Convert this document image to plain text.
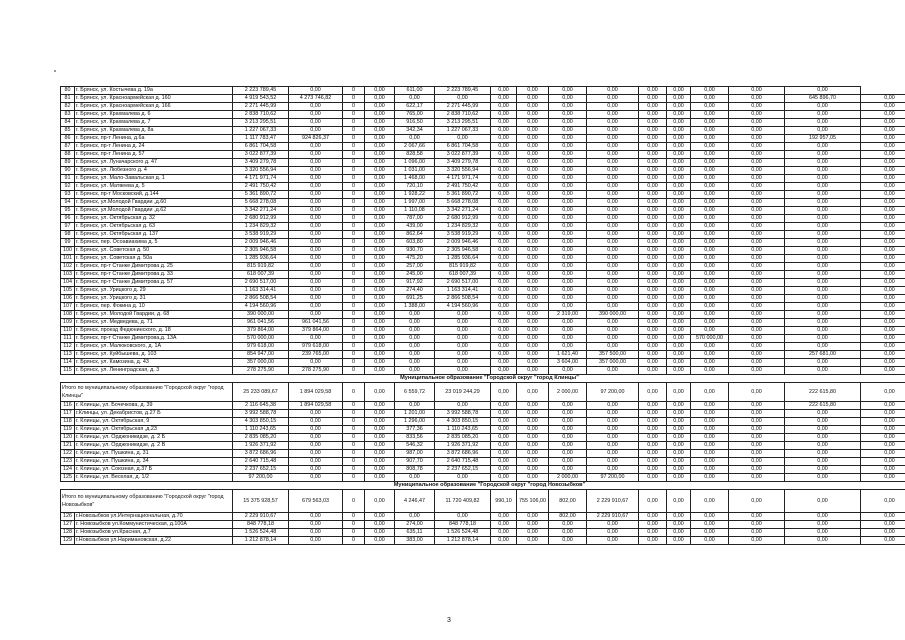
80	г. Брянск, ул. Костычева д. 19а	2 223 789,45	0,00	0	0,00	611,00	2 223 789,45	0,00	0,00	0,00	0,00	0,00	0,00	0,00	0,00	0,00	
81	г. Брянск, ул. Красноармейская д. 160	4 919 543,52	4 273 746,82	0	0,00	0,00	0,00	0,00	0,00	0,00	0,00	0,00	0,00	0,00	0,00	645 896,70	0,00
82	г. Брянск, ул. Красноармейская д. 166	2 271 445,99	0,00	0	0,00	622,17	2 271 445,99	0,00	0,00	0,00	0,00	0,00	0,00	0,00	0,00	0,00	0,00
83	г. Брянск, ул. Крахмалева д. 6	2 838 710,62	0,00	0	0,00	765,00	2 838 710,62	0,00	0,00	0,00	0,00	0,00	0,00	0,00	0,00	0,00	0,00
84	г. Брянск, ул. Крахмалева д. 7	3 213 295,51	0,00	0	0,00	916,50	3 213 295,51	0,00	0,00	0,00	0,00	0,00	0,00	0,00	0,00	0,00	0,00
85	г. Брянск, ул. Крахмалева д. 8а	1 227 067,33	0,00	0	0,00	342,34	1 227 067,33	0,00	0,00	0,00	0,00	0,00	0,00	0,00	0,00	0,00	0,00
86	г. Брянск, пр-т Ленина, д.6а	1 117 783,47	924 826,37	0	0,00	0,00	0,00	0,00	0,00	0,00	0,00	0,00	0,00	0,00	0,00	192 957,05	0,00
87	г. Брянск, пр-т Ленина д. 24	6 861 704,58	0,00	0	0,00	2 067,66	6 861 704,58	0,00	0,00	0,00	0,00	0,00	0,00	0,00	0,00	0,00	0,00
88	г. Брянск, пр-т Ленина д. 57	3 022 877,39	0,00	0	0,00	828,58	3 022 877,39	0,00	0,00	0,00	0,00	0,00	0,00	0,00	0,00	0,00	0,00
89	г. Брянск, ул. Луначарского д. 47	3 409 279,78	0,00	0	0,00	1 096,00	3 409 279,78	0,00	0,00	0,00	0,00	0,00	0,00	0,00	0,00	0,00	0,00
90	г. Брянск, ул. Любезного д. 4	3 320 556,94	0,00	0	0,00	1 031,00	3 320 556,94	0,00	0,00	0,00	0,00	0,00	0,00	0,00	0,00	0,00	0,00
91	г. Брянск, ул. Мало-Завальская д. 1	4 171 971,74	0,00	0	0,00	1 468,00	4 171 971,74	0,00	0,00	0,00	0,00	0,00	0,00	0,00	0,00	0,00	0,00
92	г. Брянск, ул. Матвеева д. 5	2 491 750,42	0,00	0	0,00	720,10	2 491 750,42	0,00	0,00	0,00	0,00	0,00	0,00	0,00	0,00	0,00	0,00
93	г. Брянск, пр-т Московский, д.144	5 361 890,72	0,00	0	0,00	1 928,22	5 361 890,72	0,00	0,00	0,00	0,00	0,00	0,00	0,00	0,00	0,00	0,00
94	г. Брянск, ул.Молодой Гвардии ,д.60	5 668 278,08	0,00	0	0,00	1 997,00	5 668 278,08	0,00	0,00	0,00	0,00	0,00	0,00	0,00	0,00	0,00	0,00
95	г. Брянск, ул.Молодой Гвардии ,д.62	3 342 271,24	0,00	0	0,00	1 110,08	3 342 271,24	0,00	0,00	0,00	0,00	0,00	0,00	0,00	0,00	0,00	0,00
96	г. Брянск, ул. Октябрьская д. 32	2 680 912,99	0,00	0	0,00	787,00	2 680 912,99	0,00	0,00	0,00	0,00	0,00	0,00	0,00	0,00	0,00	0,00
97	г. Брянск, ул. Октябрьская д. 63	1 234 829,32	0,00	0	0,00	439,00	1 234 829,32	0,00	0,00	0,00	0,00	0,00	0,00	0,00	0,00	0,00	0,00
98	г. Брянск, ул. Октябрьская д. 137	3 538 919,29	0,00	0	0,00	862,64	3 538 919,29	0,00	0,00	0,00	0,00	0,00	0,00	0,00	0,00	0,00	0,00
99	г. Брянск, пер. Осоавиахима д. 5	2 009 946,46	0,00	0	0,00	603,80	2 009 946,46	0,00	0,00	0,00	0,00	0,00	0,00	0,00	0,00	0,00	0,00
100	г. Брянск, ул. Советская д. 50	2 305 946,58	0,00	0	0,00	930,70	2 305 946,58	0,00	0,00	0,00	0,00	0,00	0,00	0,00	0,00	0,00	0,00
101	г. Брянск, ул. Советская д. 50а	1 285 936,64	0,00	0	0,00	475,20	1 285 936,64	0,00	0,00	0,00	0,00	0,00	0,00	0,00	0,00	0,00	0,00
102	г. Брянск, пр-т Станке Димитрова д. 25	815 919,82	0,00	0	0,00	257,00	815 919,82	0,00	0,00	0,00	0,00	0,00	0,00	0,00	0,00	0,00	0,00
103	г. Брянск, пр-т Станке Димитрова д. 33	618 007,39	0,00	0	0,00	245,00	618 007,39	0,00	0,00	0,00	0,00	0,00	0,00	0,00	0,00	0,00	0,00
104	г. Брянск, пр-т Станке Димитрова д. 57	2 690 517,00	0,00	0	0,00	917,92	2 690 517,00	0,00	0,00	0,00	0,00	0,00	0,00	0,00	0,00	0,00	0,00
105	г. Брянск, ул. Урицкого д. 29	1 163 314,41	0,00	0	0,00	274,40	1 163 314,41	0,00	0,00	0,00	0,00	0,00	0,00	0,00	0,00	0,00	0,00
106	г. Брянск, ул. Урицкого д. 31	2 866 508,54	0,00	0	0,00	691,25	2 866 508,54	0,00	0,00	0,00	0,00	0,00	0,00	0,00	0,00	0,00	0,00
107	г. Брянск, пер. Фокина д. 10	4 194 560,96	0,00	0	0,00	1 388,00	4 194 560,96	0,00	0,00	0,00	0,00	0,00	0,00	0,00	0,00	0,00	0,00
108	г. Брянск, ул. Молодой Гвардии, д. 68	390 000,00	0,00	0	0,00	0,00	0,00	0,00	0,00	2 319,00	390 000,00	0,00	0,00	0,00	0,00	0,00	0,00
109	г. Брянск, ул. Медведева, д. 71	961 041,56	961 041,56	0	0,00	0,00	0,00	0,00	0,00	0,00	0,00	0,00	0,00	0,00	0,00	0,00	0,00
110	г. Брянск, проезд Федюнинского, д. 18	379 864,00	379 864,00	0	0,00	0,00	0,00	0,00	0,00	0,00	0,00	0,00	0,00	0,00	0,00	0,00	0,00
111	г. Брянск, пр-т Станке Димитрова,д. 13А	570 000,00	0,00	0	0,00	0,00	0,00	0,00	0,00	0,00	0,00	0,00	0,00	570 000,00	0,00	0,00	0,00
112	г. Брянск, ул. Малюковского, д. 1А	979 618,00	979 618,00	0	0,00	0,00	0,00	0,00	0,00	0,00	0,00	0,00	0,00	0,00	0,00	0,00	0,00
113	г. Брянск, ул. Куйбышева, д. 103	854 947,00	239 765,00	0	0,00	0,00	0,00	0,00	0,00	1 621,40	357 500,00	0,00	0,00	0,00	0,00	257 681,00	0,00
114	г. Брянск, ул. Камозина, д. 43	357 000,00	0,00	0	0,00	0,00	0,00	0,00	0,00	3 604,00	357 000,00	0,00	0,00	0,00	0,00	0,00	0,00
115	г. Брянск, ул. Ленинградская, д. 3	278 275,90	278 275,90	0	0,00	0,00	0,00	0,00	0,00	0,00	0,00	0,00	0,00	0,00	0,00	0,00	0,00
Муниципальное образование "Городской округ "город Клинцы"																	
Итого по муниципальному образованию "Городской округ "город Клинцы"		25 233 089,67	1 894 029,58	0	0,00	6 559,72	23 019 244,29	0,00	0,00	2 000,00	97 200,00	0,00	0,00	0,00	0,00	222 615,80	0,00
116	г. Клинцы, ул. Бочечкова, д. 39	2 116 645,38	1 894 029,58	0	0,00	0,00	0,00	0,00	0,00	0,00	0,00	0,00	0,00	0,00	0,00	222 615,80	0,00
117	г.Клинцы, ул. Декабристов, д.27 Б	3 992 588,78	0,00	0	0,00	1 201,00	3 992 588,78	0,00	0,00	0,00	0,00	0,00	0,00	0,00	0,00	0,00	0,00
118	г. Клинцы, ул. Октябрьская, 9	4 303 850,15	0,00	0	0,00	1 296,00	4 303 850,15	0,00	0,00	0,00	0,00	0,00	0,00	0,00	0,00	0,00	0,00
119	г. Клинцы, ул. Октябрьская ,д.23	1 110 243,65	0,00	0	0,00	377,36	1 110 243,65	0,00	0,00	0,00	0,00	0,00	0,00	0,00	0,00	0,00	0,00
120	г. Клинцы, ул. Орджоникидзе, д. 2 Б	2 835 085,20	0,00	0	0,00	833,56	2 835 085,20	0,00	0,00	0,00	0,00	0,00	0,00	0,00	0,00	0,00	0,00
121	г. Клинцы, ул. Орджоникидзе, д. 2 В	1 926 371,92	0,00	0	0,00	546,32	1 926 371,92	0,00	0,00	0,00	0,00	0,00	0,00	0,00	0,00	0,00	0,00
122	г. Клинцы, ул. Пушкина, д. 31	3 872 686,96	0,00	0	0,00	987,00	3 872 686,96	0,00	0,00	0,00	0,00	0,00	0,00	0,00	0,00	0,00	0,00
123	г. Клинцы, ул. Пушкина, д. 34	2 640 715,48	0,00	0	0,00	907,70	2 640 715,48	0,00	0,00	0,00	0,00	0,00	0,00	0,00	0,00	0,00	0,00
124	г. Клинцы, ул. Союзная, д.37 Б	2 237 652,15	0,00	0	0,00	808,78	2 237 652,15	0,00	0,00	0,00	0,00	0,00	0,00	0,00	0,00	0,00	0,00
125	г. Клинцы, ул. Веселая, д. 1/2	97 200,00	0,00	0	0,00	0,00	0,00	0,00	0,00	2 000,00	97 200,00	0,00	0,00	0,00	0,00	0,00	0,00
Муниципальное образование "Городской округ "город Новозыбков"																	
Итого по муниципальному образованию "Городской округ "город Новозыбков"		15 375 928,57	679 563,03	0	0,00	4 246,47	11 720 409,82	990,10	755 106,00	802,00	2 229 910,67	0,00	0,00	0,00	0,00	0,00	0,00
126	г.Новозыбков ул.Интернациональная, д.70	2 229 910,67	0,00	0	0,00	0,00	0,00	0,00	0,00	802,00	2 229 910,67	0,00	0,00	0,00	0,00	0,00	0,00
127	г. Новозыбков ул.Коммунистическая, д.100А	848 778,18	0,00	0	0,00	274,00	848 778,18	0,00	0,00	0,00	0,00	0,00	0,00	0,00	0,00	0,00	0,00
128	г. Новозыбков ул.Красная, д.7	1 526 524,48	0,00	0	0,00	635,11	1 526 524,48	0,00	0,00	0,00	0,00	0,00	0,00	0,00	0,00	0,00	0,00
129	г.Новозыбков ул.Наримановская, д.22	1 212 878,14	0,00	0	0,00	383,00	1 212 878,14	0,00	0,00	0,00	0,00	0,00	0,00	0,00	0,00	0,00	0,00
3
